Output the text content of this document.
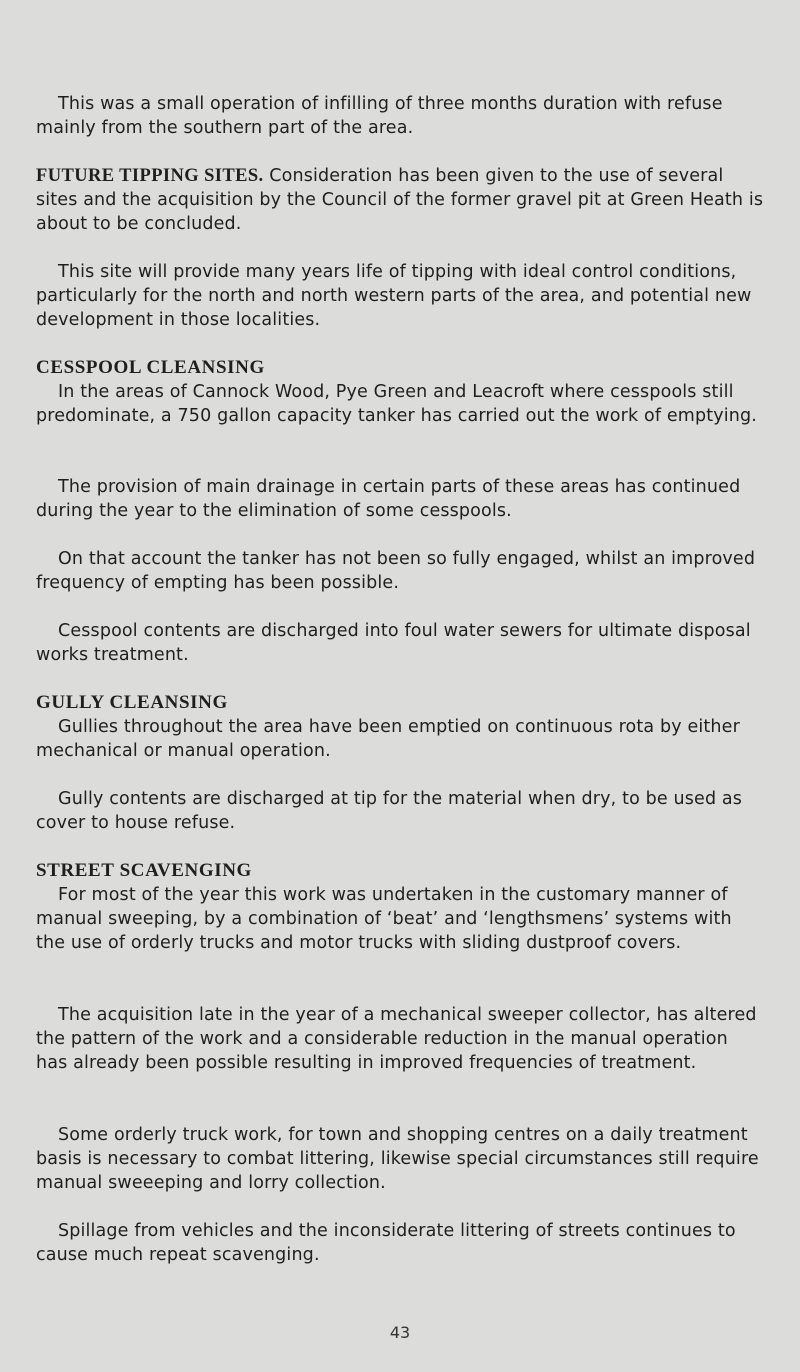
This was a small operation of infilling of three months duration with refuse mainly from the southern part of the area.

FUTURE TIPPING SITES. Consideration has been given to the use of several sites and the acquisition by the Council of the former gravel pit at Green Heath is about to be concluded.

This site will provide many years life of tipping with ideal control conditions, particularly for the north and north western parts of the area, and potential new development in those localities.

CESSPOOL CLEANSING

In the areas of Cannock Wood, Pye Green and Leacroft where cesspools still predominate, a 750 gallon capacity tanker has carried out the work of emptying.

The provision of main drainage in certain parts of these areas has continued during the year to the elimination of some cesspools.

On that account the tanker has not been so fully engaged, whilst an improved frequency of empting has been possible.

Cesspool contents are discharged into foul water sewers for ultimate disposal works treatment.

GULLY CLEANSING

Gullies throughout the area have been emptied on continuous rota by either mechanical or manual operation.

Gully contents are discharged at tip for the material when dry, to be used as cover to house refuse.

STREET SCAVENGING

For most of the year this work was undertaken in the customary manner of manual sweeping, by a combination of ‘beat’ and ‘lengthsmens’ systems with the use of orderly trucks and motor trucks with sliding dustproof covers.

The acquisition late in the year of a mechanical sweeper collector, has altered the pattern of the work and a considerable reduction in the manual operation has already been possible resulting in improved frequencies of treatment.

Some orderly truck work, for town and shopping centres on a daily treatment basis is necessary to combat littering, likewise special circumstances still require manual sweeeping and lorry collection.

Spillage from vehicles and the inconsiderate littering of streets continues to cause much repeat scavenging.

43
